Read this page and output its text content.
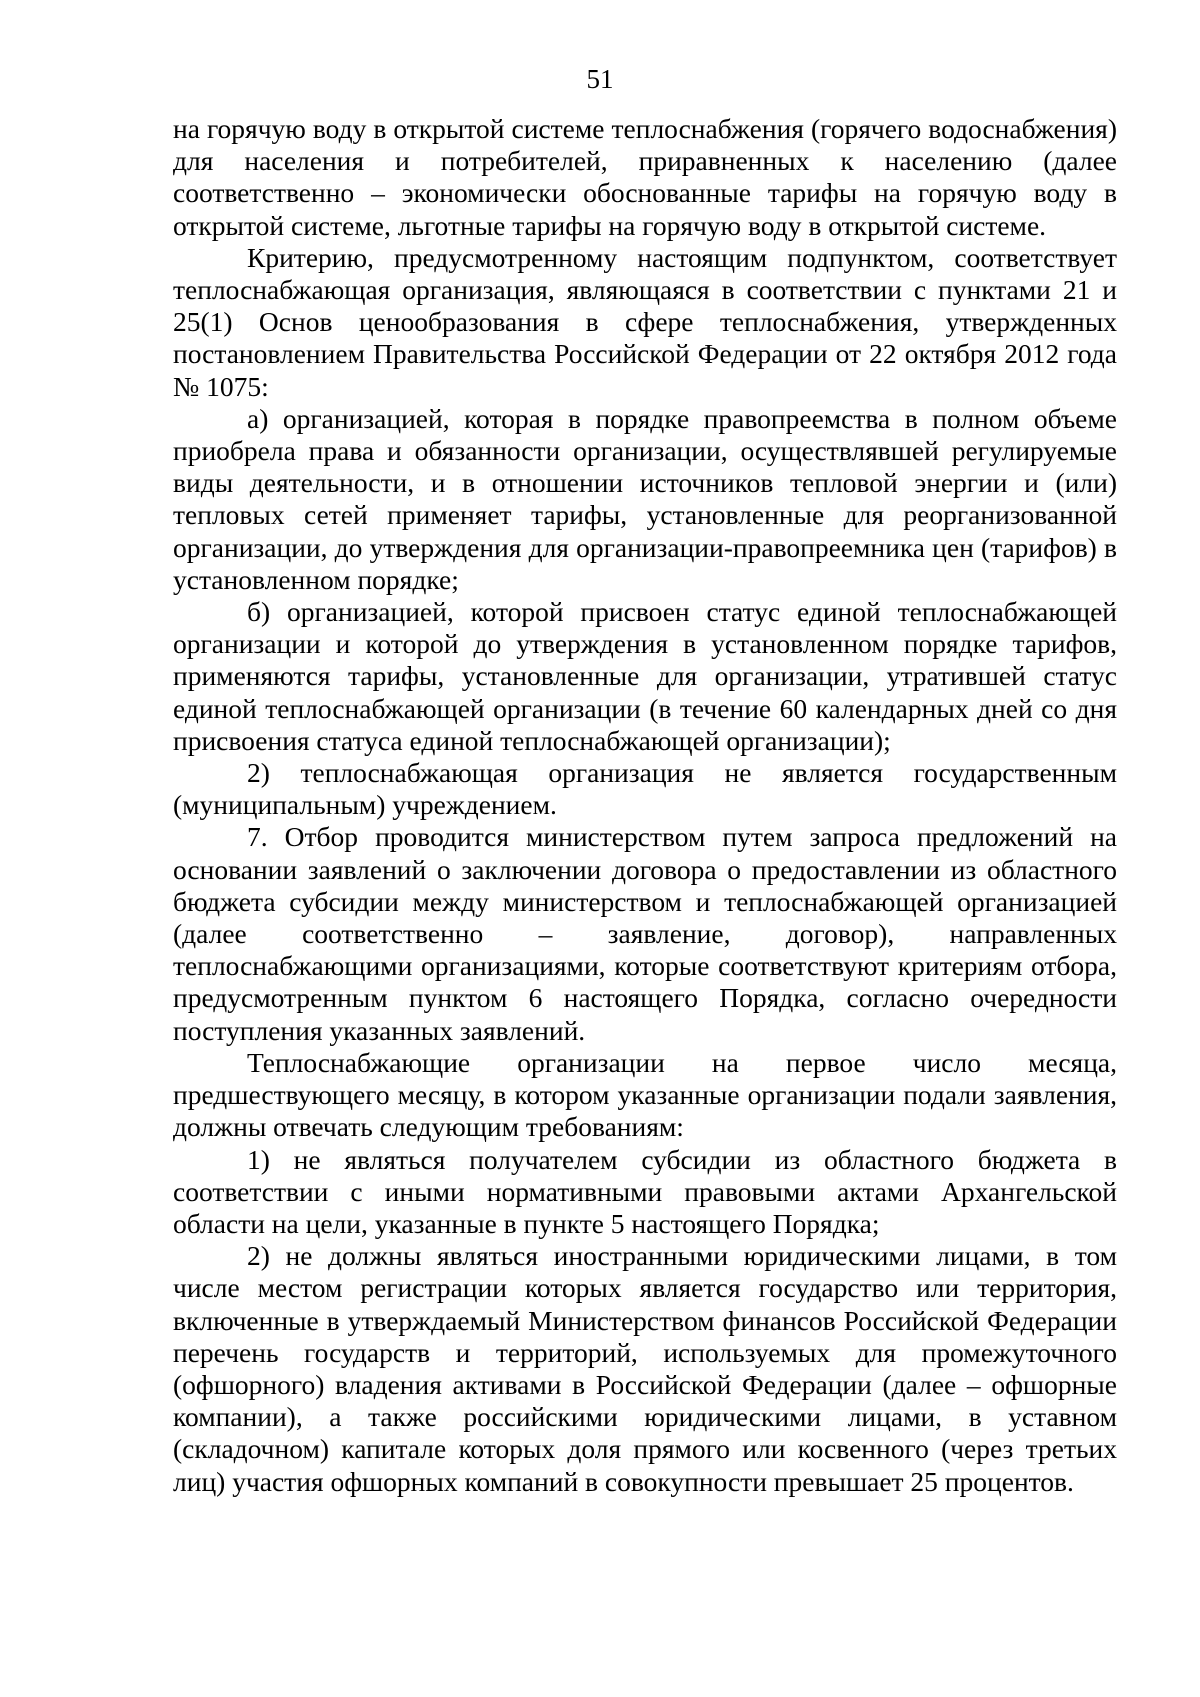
51

на горячую воду в открытой системе теплоснабжения (горячего водоснабжения) для населения и потребителей, приравненных к населению (далее соответственно – экономически обоснованные тарифы на горячую воду в открытой системе, льготные тарифы на горячую воду в открытой системе.

Критерию, предусмотренному настоящим подпунктом, соответствует теплоснабжающая организация, являющаяся в соответствии с пунктами 21 и 25(1) Основ ценообразования в сфере теплоснабжения, утвержденных постановлением Правительства Российской Федерации от 22 октября 2012 года № 1075:

а) организацией, которая в порядке правопреемства в полном объеме приобрела права и обязанности организации, осуществлявшей регулируемые виды деятельности, и в отношении источников тепловой энергии и (или) тепловых сетей применяет тарифы, установленные для реорганизованной организации, до утверждения для организации-правопреемника цен (тарифов) в установленном порядке;

б) организацией, которой присвоен статус единой теплоснабжающей организации и которой до утверждения в установленном порядке тарифов, применяются тарифы, установленные для организации, утратившей статус единой теплоснабжающей организации (в течение 60 календарных дней со дня присвоения статуса единой теплоснабжающей организации);

2) теплоснабжающая организация не является государственным (муниципальным) учреждением.

7. Отбор проводится министерством путем запроса предложений на основании заявлений о заключении договора о предоставлении из областного бюджета субсидии между министерством и теплоснабжающей организацией (далее соответственно – заявление, договор), направленных теплоснабжающими организациями, которые соответствуют критериям отбора, предусмотренным пунктом 6 настоящего Порядка, согласно очередности поступления указанных заявлений.

Теплоснабжающие организации на первое число месяца, предшествующего месяцу, в котором указанные организации подали заявления, должны отвечать следующим требованиям:

1) не являться получателем субсидии из областного бюджета в соответствии с иными нормативными правовыми актами Архангельской области на цели, указанные в пункте 5 настоящего Порядка;

2) не должны являться иностранными юридическими лицами, в том числе местом регистрации которых является государство или территория, включенные в утверждаемый Министерством финансов Российской Федерации перечень государств и территорий, используемых для промежуточного (офшорного) владения активами в Российской Федерации (далее – офшорные компании), а также российскими юридическими лицами, в уставном (складочном) капитале которых доля прямого или косвенного (через третьих лиц) участия офшорных компаний в совокупности превышает 25 процентов.
